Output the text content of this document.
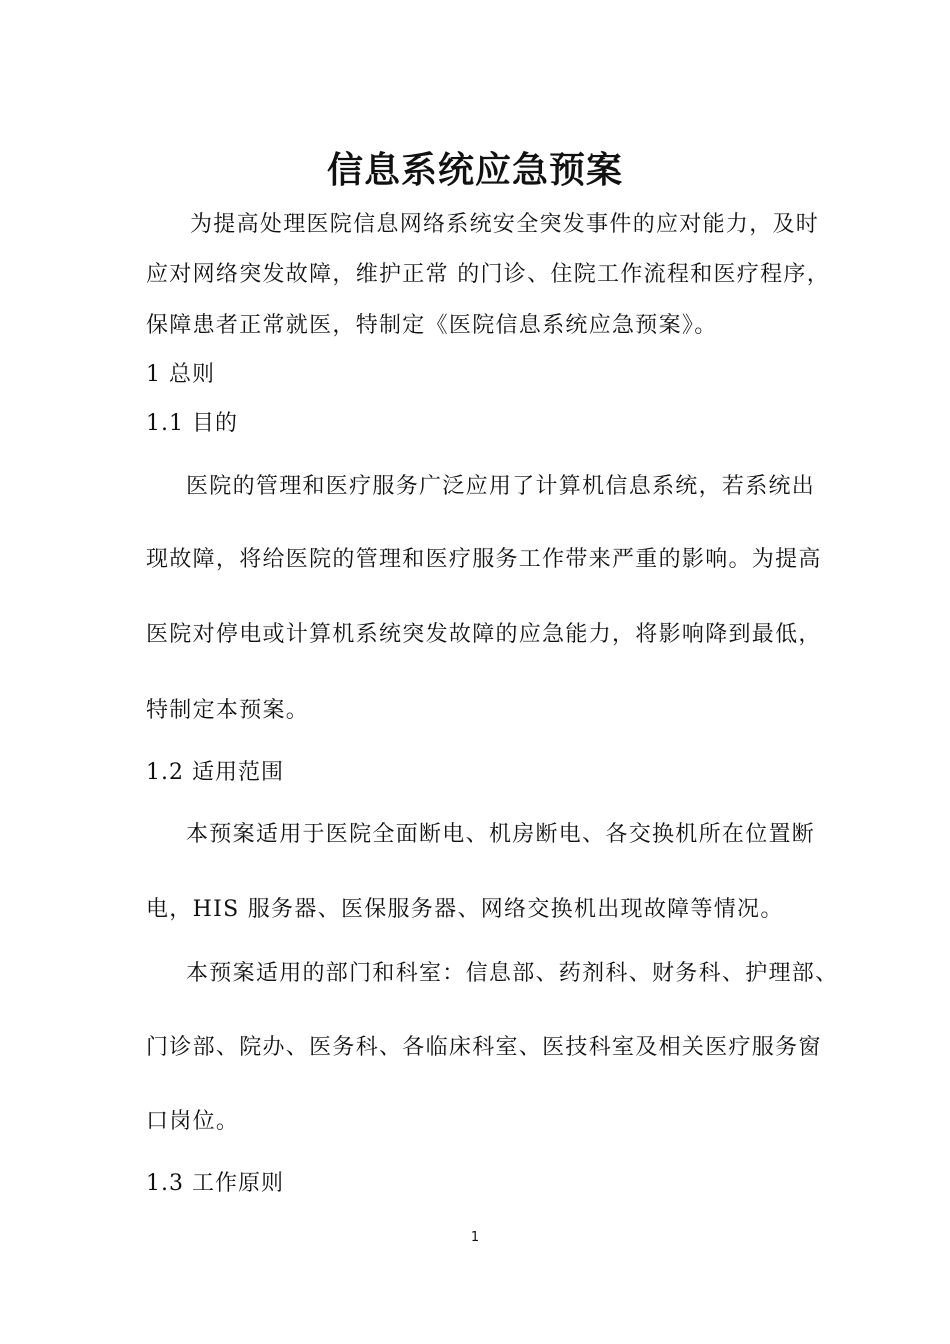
信息系统应急预案
为提高处理医院信息网络系统安全突发事件的应对能力，及时
应对网络突发故障，维护正常 的门诊、住院工作流程和医疗程序，
保障患者正常就医，特制定《医院信息系统应急预案》。
1 总则
1.1 目的
医院的管理和医疗服务广泛应用了计算机信息系统，若系统出
现故障，将给医院的管理和医疗服务工作带来严重的影响。为提高
医院对停电或计算机系统突发故障的应急能力，将影响降到最低，
特制定本预案。
1.2 适用范围
本预案适用于医院全面断电、机房断电、各交换机所在位置断
电，HIS 服务器、医保服务器、网络交换机出现故障等情况。
本预案适用的部门和科室：信息部、药剂科、财务科、护理部、
门诊部、院办、医务科、各临床科室、医技科室及相关医疗服务窗
口岗位。
1.3 工作原则
1
